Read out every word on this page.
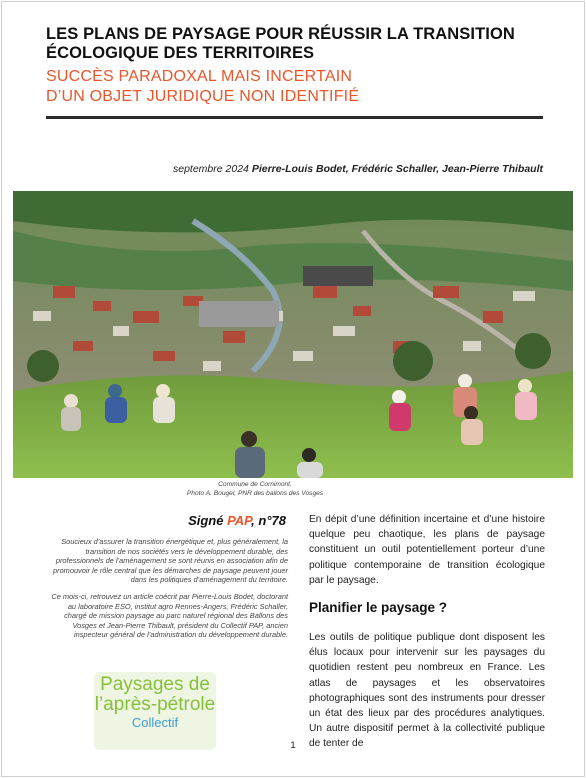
LES PLANS DE PAYSAGE POUR RÉUSSIR LA TRANSITION ÉCOLOGIQUE DES TERRITOIRES
SUCCÈS PARADOXAL MAIS INCERTAIN
D’UN OBJET JURIDIQUE NON IDENTIFIÉ
septembre 2024 Pierre-Louis Bodet, Frédéric Schaller, Jean-Pierre Thibault
Commune de Cornimont.
Photo A. Bougel, PNR des ballons des Vosges
Signé PAP, n°78

Soucieux d’assurer la transition énergétique et, plus généralement, la transition de nos sociétés vers le développement durable, des professionnels de l’aménagement se sont réunis en association afin de promouvoir le rôle central que les démarches de paysage peuvent jouer dans les politiques d’aménagement du territoire.

Ce mois-ci, retrouvez un article coécrit par Pierre-Louis Bodet, doctorant au laboratoire ESO, institut agro Rennes-Angers, Frédéric Schaller, chargé de mission paysage au parc naturel régional des Ballons des Vosges et Jean-Pierre Thibault, président du Collectif PAP, ancien inspecteur général de l’administration du développement durable.

Paysages de
l’après-pétrole
Collectif

En dépit d’une définition incertaine et d’une histoire quelque peu chaotique, les plans de paysage constituent un outil potentiellement porteur d’une politique contemporaine de transition écologique par le paysage.

Planifier le paysage ?

Les outils de politique publique dont disposent les élus locaux pour intervenir sur les paysages du quotidien restent peu nombreux en France. Les atlas de paysages et les observatoires photographiques sont des instruments pour dresser un état des lieux par des procédures analytiques. Un autre dispositif permet à la collectivité publique de tenter de

1
